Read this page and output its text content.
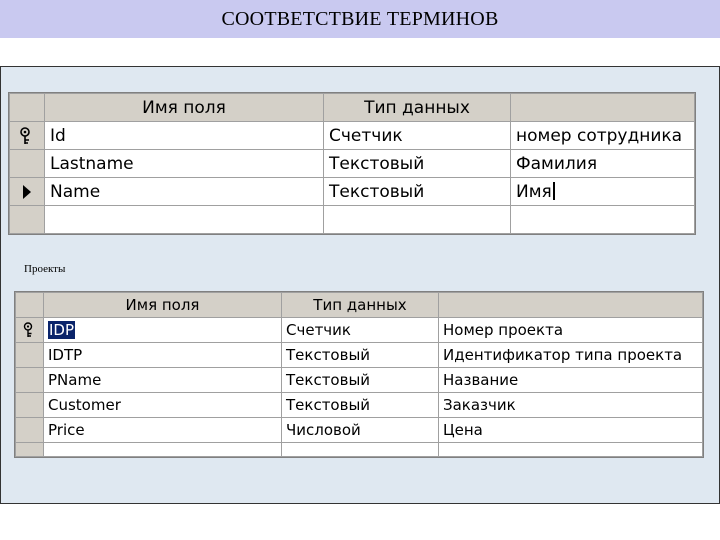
СООТВЕТСТВИЕ ТЕРМИНОВ
	Имя поля	Тип данных	

	Id	Счетчик	номер сотрудника
	Lastname	Текстовый	Фамилия

	Name	Текстовый	Имя

Проекты
	Имя поля	Тип данных	

	IDP	Счетчик	Номер проекта
	IDTP	Текстовый	Идентификатор типа проекта
	PName	Текстовый	Название
	Customer	Текстовый	Заказчик
	Price	Числовой	Цена
